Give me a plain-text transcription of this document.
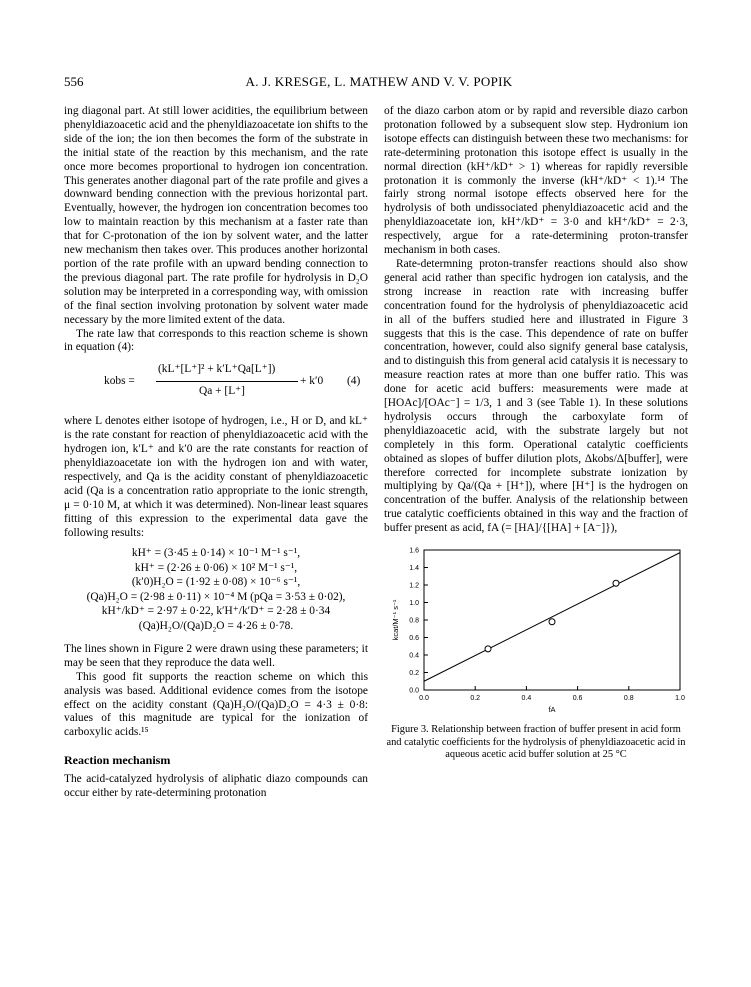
556	A. J. KRESGE, L. MATHEW AND V. V. POPIK

ing diagonal part. At still lower acidities, the equilibrium between phenyldiazoacetic acid and the phenyldiazoacetate ion shifts to the side of the ion; the ion then becomes the form of the substrate in the initial state of the reaction by this mechanism, and the rate once more becomes proportional to hydrogen ion concentration. This generates another diagonal part of the rate profile and gives a downward bending connection with the previous horizontal part. Eventually, however, the hydrogen ion concentration becomes too low to maintain reaction by this mechanism at a faster rate than that for C-protonation of the ion by solvent water, and the latter new mechanism then takes over. This produces another horizontal portion of the rate profile with an upward bending connection to the previous diagonal part. The rate profile for hydrolysis in D₂O solution may be interpreted in a corresponding way, with omission of the final section involving protonation by solvent water made necessary by the more limited extent of the data.

The rate law that corresponds to this reaction scheme is shown in equation (4):

kobs =
(kL⁺[L⁺]² + k′L⁺Qa[L⁺])
Qa + [L⁺]
+ k′0 (4)

where L denotes either isotope of hydrogen, i.e., H or D, and kL⁺ is the rate constant for reaction of phenyldiazoacetic acid with the hydrogen ion, k′L⁺ and k′0 are the rate constants for reaction of phenyldiazoacetate ion with the hydrogen ion and with water, respectively, and Qa is the acidity constant of phenyldiazoacetic acid (Qa is a concentration ratio appropriate to the ionic strength, μ = 0·10 M, at which it was determined). Non-linear least squares fitting of this expression to the experimental data gave the following results:

kH⁺ = (3·45 ± 0·14) × 10⁻¹ M⁻¹ s⁻¹,
kH⁺ = (2·26 ± 0·06) × 10² M⁻¹ s⁻¹,
(k′0)H₂O = (1·92 ± 0·08) × 10⁻⁶ s⁻¹,
(Qa)H₂O = (2·98 ± 0·11) × 10⁻⁴ M (pQa = 3·53 ± 0·02),
kH⁺/kD⁺ = 2·97 ± 0·22, k′H⁺/k′D⁺ = 2·28 ± 0·34
(Qa)H₂O/(Qa)D₂O = 4·26 ± 0·78.

The lines shown in Figure 2 were drawn using these parameters; it may be seen that they reproduce the data well.

This good fit supports the reaction scheme on which this analysis was based. Additional evidence comes from the isotope effect on the acidity constant (Qa)H₂O/(Qa)D₂O = 4·3 ± 0·8: values of this magnitude are typical for the ionization of carboxylic acids.¹⁵

Reaction mechanism

The acid-catalyzed hydrolysis of aliphatic diazo compounds can occur either by rate-determining protonation

of the diazo carbon atom or by rapid and reversible diazo carbon protonation followed by a subsequent slow step. Hydronium ion isotope effects can distinguish between these two mechanisms: for rate-determining protonation this isotope effect is usually in the normal direction (kH⁺/kD⁺ > 1) whereas for rapidly reversible protonation it is commonly the inverse (kH⁺/kD⁺ < 1).¹⁴ The fairly strong normal isotope effects observed here for the hydrolysis of both undissociated phenyldiazoacetic acid and the phenyldiazoacetate ion, kH⁺/kD⁺ = 3·0 and kH⁺/kD⁺ = 2·3, respectively, argue for a rate-determining proton-transfer mechanism in both cases.

Rate-determning proton-transfer reactions should also show general acid rather than specific hydrogen ion catalysis, and the strong increase in reaction rate with increasing buffer concentration found for the hydrolysis of phenyldiazoacetic acid in all of the buffers studied here and illustrated in Figure 3 suggests that this is the case. This dependence of rate on buffer concentration, however, could also signify general base catalysis, and to distinguish this from general acid catalysis it is necessary to measure reaction rates at more than one buffer ratio. This was done for acetic acid buffers: measurements were made at [HOAc]/[OAc⁻] = 1/3, 1 and 3 (see Table 1). In these solutions hydrolysis occurs through the carboxylate form of phenyldiazoacetic acid, with the substrate largely but not completely in this form. Operational catalytic coefficients obtained as slopes of buffer dilution plots, Δkobs/Δ[buffer], were therefore corrected for incomplete substrate ionization by multiplying by Qa/(Qa + [H⁺]), where [H⁺] is the hydrogen on concentration of the buffer. Analysis of the relationship between true catalytic coefficients obtained in this way and the fraction of buffer present as acid, fA (= [HA]/{[HA] + [A⁻]}),

0.0	0.2	0.4	0.6	0.8	1.0
0.0
0.2
0.4
0.6
0.8
1.0
1.2
1.4
1.6
fA
kcat/M⁻¹ s⁻¹
Figure 3. Relationship between fraction of buffer present in acid form and catalytic coefficients for the hydrolysis of phenyldiazoacetic acid in aqueous acetic acid buffer solution at 25 °C
